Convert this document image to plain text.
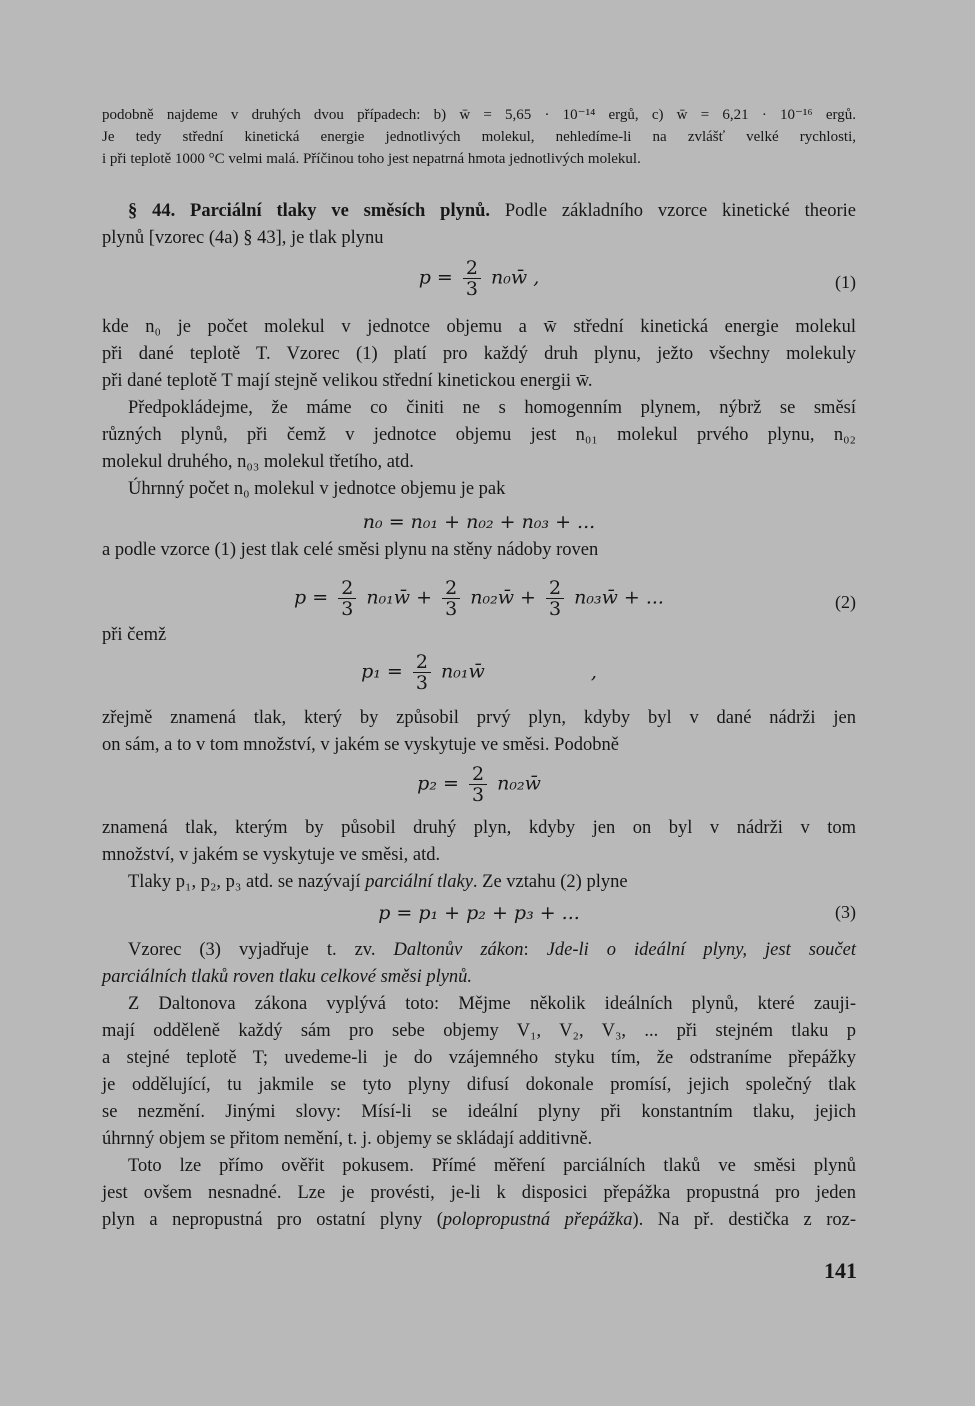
podobně najdeme v druhých dvou případech: b) w̄ = 5,65 · 10⁻¹⁴ ergů, c) w̄ = 6,21 · 10⁻¹⁶ ergů.

Je tedy střední kinetická energie jednotlivých molekul, nehledíme-li na zvlášť velké rychlosti,

i při teplotě 1000 °C velmi malá. Příčinou toho jest nepatrná hmota jednotlivých molekul.

§ 44. Parciální tlaky ve směsích plynů. Podle základního vzorce kinetické theorie

plynů [vzorec (4a) § 43], je tlak plynu

$p = \frac{2}{3}$ n₀w̄ ,	(1)

kde n₀ je počet molekul v jednotce objemu a w̄ střední kinetická energie molekul

při dané teplotě T. Vzorec (1) platí pro každý druh plynu, ježto všechny molekuly

při dané teplotě T mají stejně velikou střední kinetickou energii w̄.

Předpokládejme, že máme co činiti ne s homogenním plynem, nýbrž se směsí

různých plynů, při čemž v jednotce objemu jest n₀₁ molekul prvého plynu, n₀₂

molekul druhého, n₀₃ molekul třetího, atd.

Úhrnný počet n₀ molekul v jednotce objemu je pak

n₀ = n₀₁ + n₀₂ + n₀₃ + ...

a podle vzorce (1) jest tlak celé směsi plynu na stěny nádoby roven

$p = \frac{2}{3}$ n₀₁w̄ + $\frac{2}{3}$ n₀₂w̄ + $\frac{2}{3}$ n₀₃w̄ + ...	(2)

při čemž

$p_1 = \frac{2}{3}$ n₀₁w̄	,

zřejmě znamená tlak, který by způsobil prvý plyn, kdyby byl v dané nádrži jen

on sám, a to v tom množství, v jakém se vyskytuje ve směsi. Podobně

$p_2 = \frac{2}{3}$ n₀₂w̄

znamená tlak, kterým by působil druhý plyn, kdyby jen on byl v nádrži v tom

množství, v jakém se vyskytuje ve směsi, atd.

Tlaky p₁, p₂, p₃ atd. se nazývají parciální tlaky. Ze vztahu (2) plyne

p = p₁ + p₂ + p₃ + ...	(3)

Vzorec (3) vyjadřuje t. zv. Daltonův zákon: Jde-li o ideální plyny, jest součet

parciálních tlaků roven tlaku celkové směsi plynů.

Z Daltonova zákona vyplývá toto: Mějme několik ideálních plynů, které zauji-

mají odděleně každý sám pro sebe objemy V₁, V₂, V₃, ... při stejném tlaku p

a stejné teplotě T; uvedeme-li je do vzájemného styku tím, že odstraníme přepážky

je oddělující, tu jakmile se tyto plyny difusí dokonale promísí, jejich společný tlak

se nezmění. Jinými slovy: Mísí-li se ideální plyny při konstantním tlaku, jejich

úhrnný objem se přitom nemění, t. j. objemy se skládají additivně.

Toto lze přímo ověřit pokusem. Přímé měření parciálních tlaků ve směsi plynů

jest ovšem nesnadné. Lze je provésti, je-li k disposici přepážka propustná pro jeden

plyn a nepropustná pro ostatní plyny (polopropustná přepážka). Na př. destička z roz-

141
